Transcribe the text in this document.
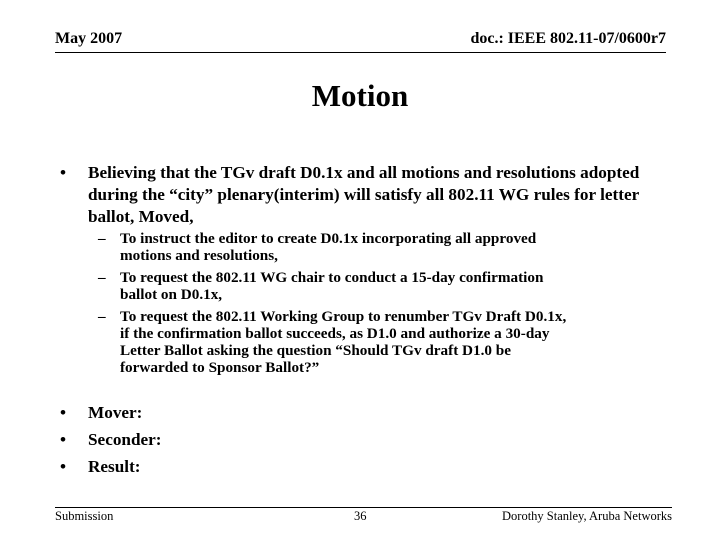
May 2007	doc.: IEEE 802.11-07/0600r7
Motion
• Believing that the TGv draft D0.1x and all motions and resolutions adopted during the “city” plenary(interim) will satisfy all 802.11 WG rules for letter ballot, Moved,
– To instruct the editor to create D0.1x incorporating all approved
motions and resolutions,
– To request the 802.11 WG chair to conduct a 15-day confirmation
ballot on D0.1x,
– To request the 802.11 Working Group to renumber TGv Draft D0.1x,
if the confirmation ballot succeeds, as D1.0 and authorize a 30-day
Letter Ballot asking the question “Should TGv draft D1.0 be
forwarded to Sponsor Ballot?”
• Mover:
• Seconder:
• Result:
Submission	36	Dorothy Stanley, Aruba Networks
